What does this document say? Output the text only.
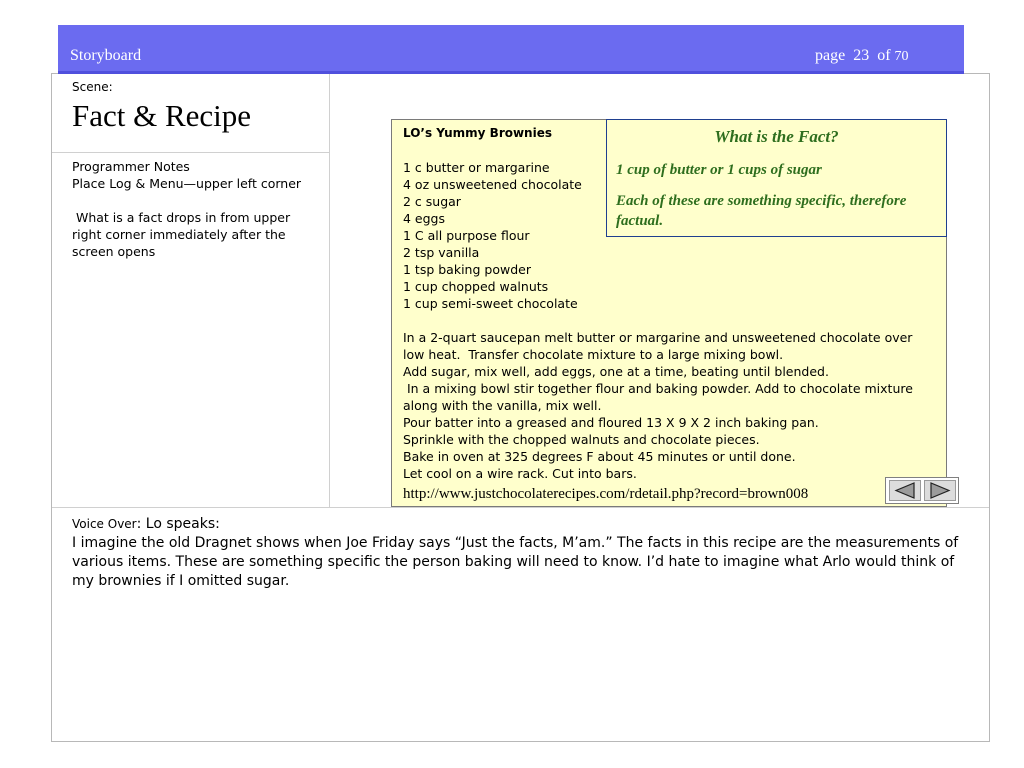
Storyboard	page  23  of 70
Scene:
Fact & Recipe
Programmer Notes
Place Log & Menu—upper left corner
What is a fact drops in from upper right corner immediately after the screen opens
LO’s Yummy Brownies
1 c butter or margarine
4 oz unsweetened chocolate
2 c sugar
4 eggs
1 C all purpose flour
2 tsp vanilla
1 tsp baking powder
1 cup chopped walnuts
1 cup semi-sweet chocolate
In a 2-quart saucepan melt butter or margarine and unsweetened chocolate over
low heat.  Transfer chocolate mixture to a large mixing bowl.
Add sugar, mix well, add eggs, one at a time, beating until blended.
In a mixing bowl stir together flour and baking powder. Add to chocolate mixture
along with the vanilla, mix well.
Pour batter into a greased and floured 13 X 9 X 2 inch baking pan.
Sprinkle with the chopped walnuts and chocolate pieces.
Bake in oven at 325 degrees F about 45 minutes or until done.
Let cool on a wire rack. Cut into bars.
http://www.justchocolaterecipes.com/rdetail.php?record=brown008
What is the Fact?

1 cup of butter or 1 cups of sugar

Each of these are something specific, therefore factual.

Voice Over: Lo speaks:
I imagine the old Dragnet shows when Joe Friday says “Just the facts, M’am.” The facts in this recipe are the measurements of various items. These are something specific the person baking will need to know. I’d hate to imagine what Arlo would think of my brownies if I omitted sugar.
